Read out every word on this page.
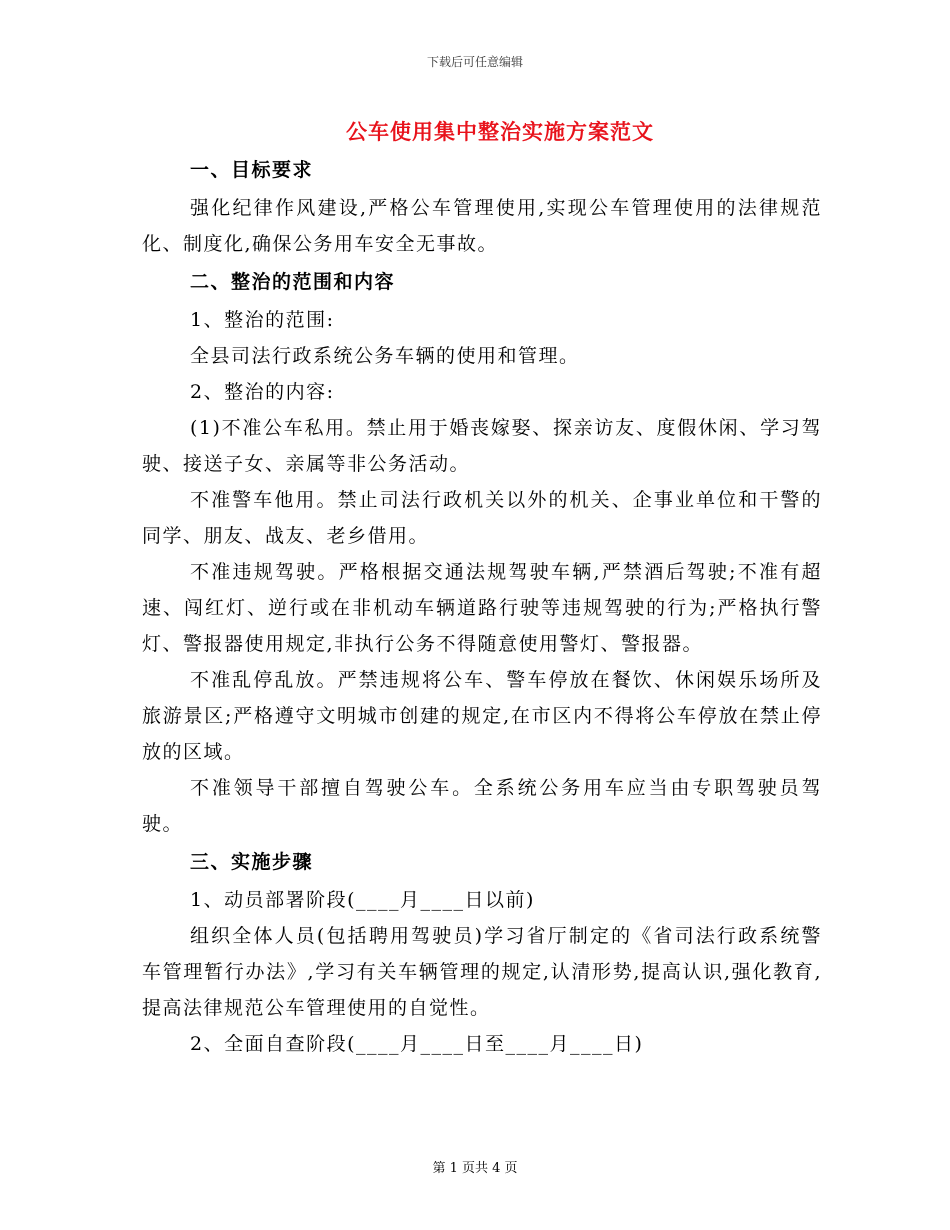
下载后可任意编辑
公车使用集中整治实施方案范文

一、目标要求

强化纪律作风建设,严格公车管理使用,实现公车管理使用的法律规范化、制度化,确保公务用车安全无事故。

二、整治的范围和内容

1、整治的范围:

全县司法行政系统公务车辆的使用和管理。

2、整治的内容:

(1)不准公车私用。禁止用于婚丧嫁娶、探亲访友、度假休闲、学习驾驶、接送子女、亲属等非公务活动。

不准警车他用。禁止司法行政机关以外的机关、企事业单位和干警的同学、朋友、战友、老乡借用。

不准违规驾驶。严格根据交通法规驾驶车辆,严禁酒后驾驶;不准有超速、闯红灯、逆行或在非机动车辆道路行驶等违规驾驶的行为;严格执行警灯、警报器使用规定,非执行公务不得随意使用警灯、警报器。

不准乱停乱放。严禁违规将公车、警车停放在餐饮、休闲娱乐场所及旅游景区;严格遵守文明城市创建的规定,在市区内不得将公车停放在禁止停放的区域。

不准领导干部擅自驾驶公车。全系统公务用车应当由专职驾驶员驾驶。

三、实施步骤

1、动员部署阶段(____月____日以前)

组织全体人员(包括聘用驾驶员)学习省厅制定的《省司法行政系统警车管理暂行办法》,学习有关车辆管理的规定,认清形势,提高认识,强化教育,提高法律规范公车管理使用的自觉性。

2、全面自查阶段(____月____日至____月____日)

第 1 页共 4 页
